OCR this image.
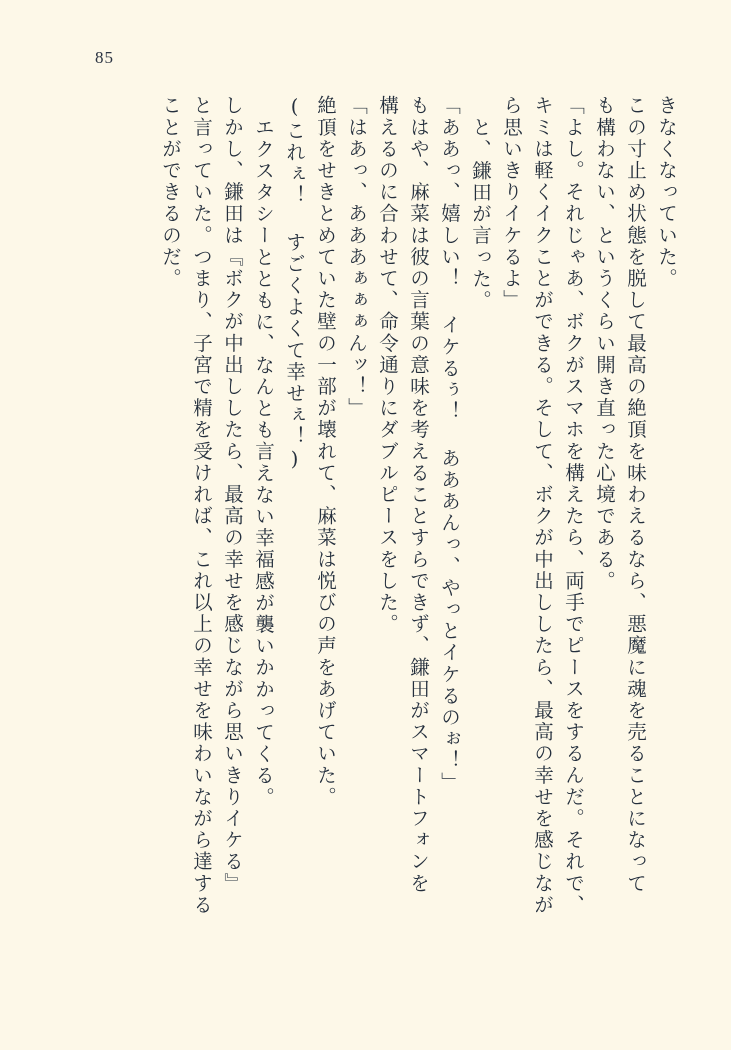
85
きなくなっていた。
この寸止め状態を脱して最高の絶頂を味わえるなら、悪魔に魂を売ることになって
も構わない、というくらい開き直った心境である。
「よし。それじゃあ、ボクがスマホを構えたら、両手でピースをするんだ。それで、
キミは軽くイクことができる。そして、ボクが中出ししたら、最高の幸せを感じなが
ら思いきりイケるよ」
と、鎌田が言った。
「ああっ、嬉しい！ イケるぅ！ あああんっ、やっとイケるのぉ！」
もはや、麻菜は彼の言葉の意味を考えることすらできず、鎌田がスマートフォンを
構えるのに合わせて、命令通りにダブルピースをした。
「はあっ、あああぁぁぁんッ！」
絶頂をせきとめていた壁の一部が壊れて、麻菜は悦びの声をあげていた。
(これぇ！ すごくよくて幸せぇ！)
エクスタシーとともに、なんとも言えない幸福感が襲いかかってくる。
しかし、鎌田は『ボクが中出ししたら、最高の幸せを感じながら思いきりイケる』
と言っていた。つまり、子宮で精を受ければ、これ以上の幸せを味わいながら達する
ことができるのだ。
